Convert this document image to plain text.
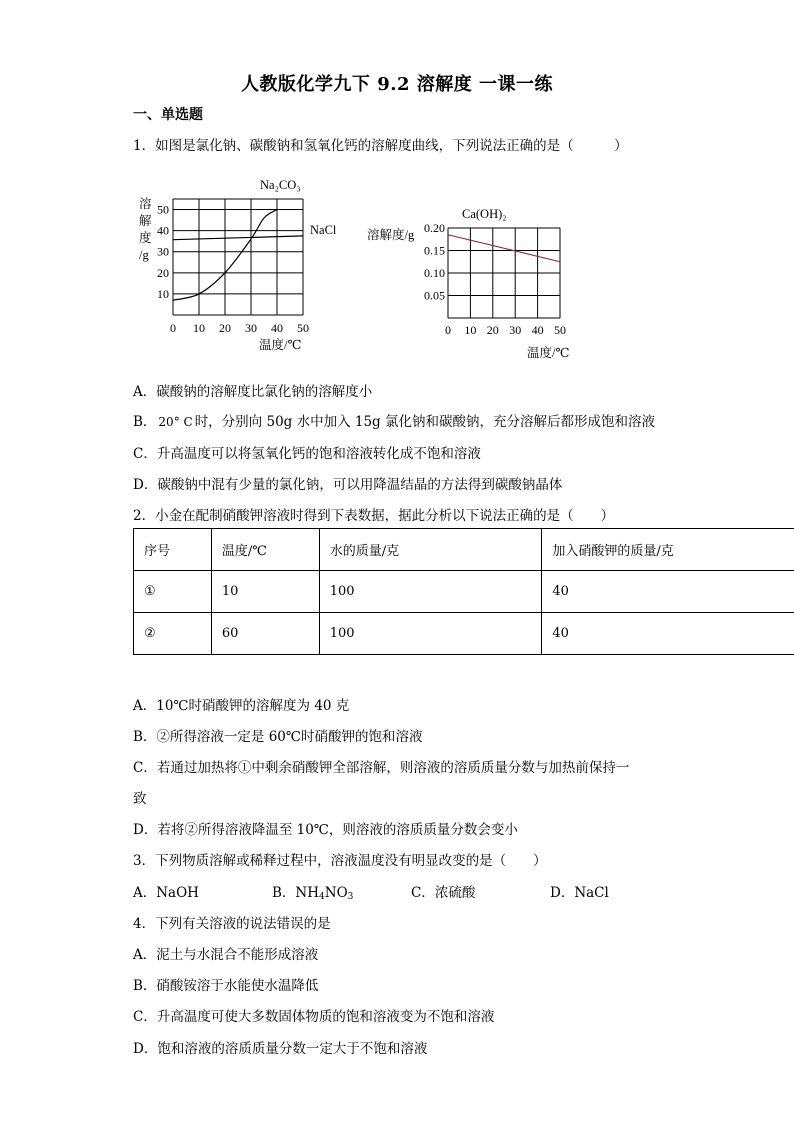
人教版化学九下 9.2 溶解度 一课一练
一、单选题
1．如图是氯化钠、碳酸钠和氢氧化钙的溶解度曲线，下列说法正确的是（　　　）
溶
解
度
/g
温度/℃
Na₂CO₃
NaCl
0 10 20 30 40 50
10
20
30
40
50
溶解度/g
温度/℃
Ca(OH)₂
0 10 20 30 40 50
0.05
0.10
0.15
0.20
A．碳酸钠的溶解度比氯化钠的溶解度小
B． 20° C 时，分别向 50g 水中加入 15g 氯化钠和碳酸钠，充分溶解后都形成饱和溶液
C．升高温度可以将氢氧化钙的饱和溶液转化成不饱和溶液
D．碳酸钠中混有少量的氯化钠，可以用降温结晶的方法得到碳酸钠晶体
2．小金在配制硝酸钾溶液时得到下表数据，据此分析以下说法正确的是（　　）
序号	温度/℃	水的质量/克	加入硝酸钾的质量/克
①	10	100	40
②	60	100	40
A．10℃时硝酸钾的溶解度为 40 克
B．②所得溶液一定是 60℃时硝酸钾的饱和溶液
C．若通过加热将①中剩余硝酸钾全部溶解，则溶液的溶质质量分数与加热前保持一
致
D．若将②所得溶液降温至 10℃，则溶液的溶质质量分数会变小
3．下列物质溶解或稀释过程中，溶液温度没有明显改变的是（　　）
A．NaOH	B．$NH_4NO_3$	C．浓硫酸	D．NaCl
4．下列有关溶液的说法错误的是
A．泥土与水混合不能形成溶液
B．硝酸铵溶于水能使水温降低
C．升高温度可使大多数固体物质的饱和溶液变为不饱和溶液
D．饱和溶液的溶质质量分数一定大于不饱和溶液
